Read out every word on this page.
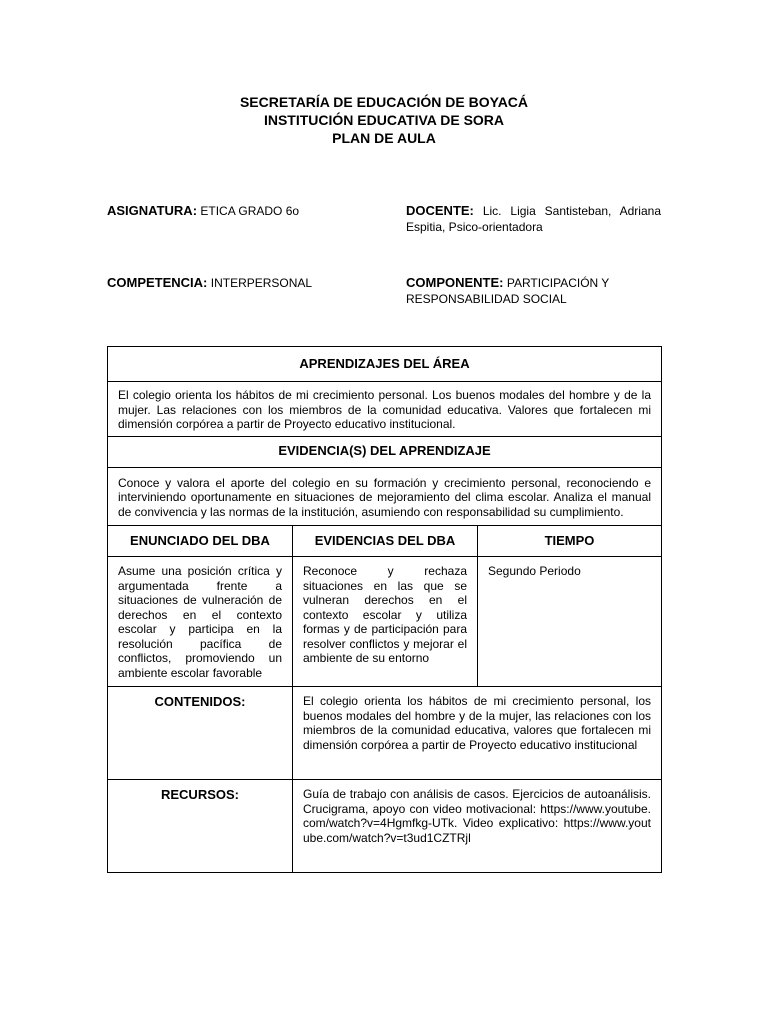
SECRETARÍA DE EDUCACIÓN DE BOYACÁ
INSTITUCIÓN EDUCATIVA DE SORA
PLAN DE AULA
ASIGNATURA: ETICA GRADO 6o	DOCENTE: Lic. Ligia Santisteban, Adriana Espitia, Psico-orientadora
COMPETENCIA: INTERPERSONAL	COMPONENTE: PARTICIPACIÓN Y RESPONSABILIDAD SOCIAL
APRENDIZAJES DEL ÁREA		
El colegio orienta los hábitos de mi crecimiento personal. Los buenos modales del hombre y de la mujer. Las relaciones con los miembros de la comunidad educativa. Valores que fortalecen mi dimensión corpórea a partir de Proyecto educativo institucional.		
EVIDENCIA(S) DEL APRENDIZAJE		
Conoce y valora el aporte del colegio en su formación y crecimiento personal, reconociendo e interviniendo oportunamente en situaciones de mejoramiento del clima escolar. Analiza el manual de convivencia y las normas de la institución, asumiendo con responsabilidad su cumplimiento.		
ENUNCIADO DEL DBA	EVIDENCIAS DEL DBA	TIEMPO
Asume una posición crítica y argumentada frente a situaciones de vulneración de derechos en el contexto escolar y participa en la resolución pacífica de conflictos, promoviendo un ambiente escolar favorable	Reconoce y rechaza situaciones en las que se vulneran derechos en el contexto escolar y utiliza formas y de participación para resolver conflictos y mejorar el ambiente de su entorno	Segundo Periodo
CONTENIDOS:	El colegio orienta los hábitos de mi crecimiento personal, los buenos modales del hombre y de la mujer, las relaciones con los miembros de la comunidad educativa, valores que fortalecen mi dimensión corpórea a partir de Proyecto educativo institucional	
RECURSOS:	Guía de trabajo con análisis de casos. Ejercicios de autoanálisis. Crucigrama, apoyo con video motivacional: https://www.youtube.com/watch?v=4Hgmfkg-UTk. Video explicativo: https://www.youtube.com/watch?v=t3ud1CZTRjl	
